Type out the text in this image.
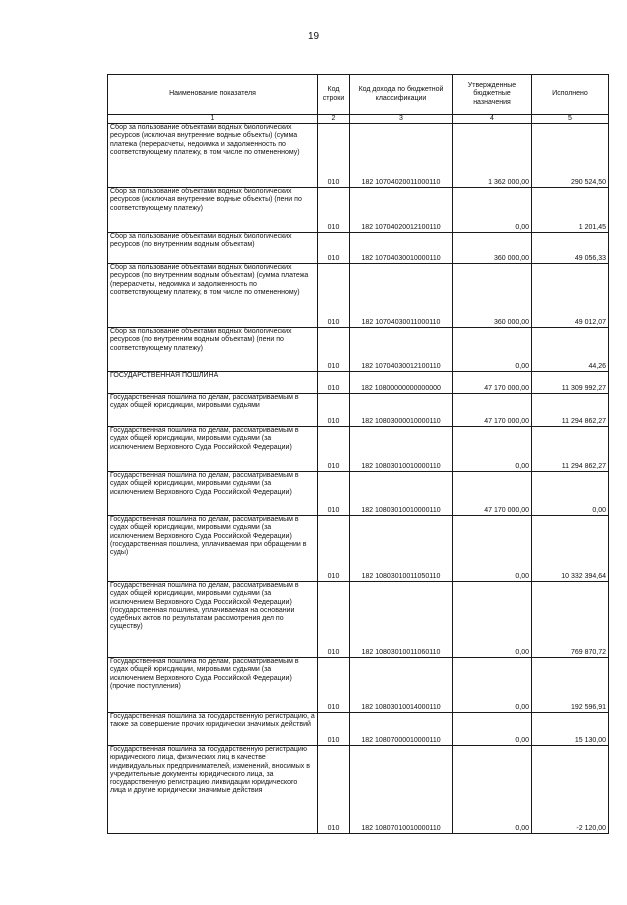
19
Наименование показателя	Код строки	Код дохода по бюджетной классификации	Утвержденные бюджетные назначения	Исполнено
1	2	3	4	5
Сбор за пользование объектами водных биологических ресурсов (исключая внутренние водные объекты) (сумма платежа (перерасчеты, недоимка и задолженность по соответствующему платежу, в том числе по отмененному)	010	182 10704020011000110	1 362 000,00	290 524,50
Сбор за пользование объектами водных биологических ресурсов (исключая внутренние водные объекты) (пени по соответствующему платежу)	010	182 10704020012100110	0,00	1 201,45
Сбор за пользование объектами водных биологических ресурсов (по внутренним водным объектам)	010	182 10704030010000110	360 000,00	49 056,33
Сбор за пользование объектами водных биологических ресурсов (по внутренним водным объектам) (сумма платежа (перерасчеты, недоимка и задолженность по соответствующему платежу, в том числе по отмененному)	010	182 10704030011000110	360 000,00	49 012,07
Сбор за пользование объектами водных биологических ресурсов (по внутренним водным объектам) (пени по соответствующему платежу)	010	182 10704030012100110	0,00	44,26
ГОСУДАРСТВЕННАЯ ПОШЛИНА	010	182 10800000000000000	47 170 000,00	11 309 992,27
Государственная пошлина по делам, рассматриваемым в судах общей юрисдикции, мировыми судьями	010	182 10803000010000110	47 170 000,00	11 294 862,27
Государственная пошлина по делам, рассматриваемым в судах общей юрисдикции, мировыми судьями (за исключением Верховного Суда Российской Федерации)	010	182 10803010010000110	0,00	11 294 862,27
Государственная пошлина по делам, рассматриваемым в судах общей юрисдикции, мировыми судьями (за исключением Верховного Суда Российской Федерации)	010	182 10803010010000110	47 170 000,00	0,00
Государственная пошлина по делам, рассматриваемым в судах общей юрисдикции, мировыми судьями (за исключением Верховного Суда Российской Федерации) (государственная пошлина, уплачиваемая при обращении в суды)	010	182 10803010011050110	0,00	10 332 394,64
Государственная пошлина по делам, рассматриваемым в судах общей юрисдикции, мировыми судьями (за исключением Верховного Суда Российской Федерации) (государственная пошлина, уплачиваемая на основании судебных актов по результатам рассмотрения дел по существу)	010	182 10803010011060110	0,00	769 870,72
Государственная пошлина по делам, рассматриваемым в судах общей юрисдикции, мировыми судьями (за исключением Верховного Суда Российской Федерации) (прочие поступления)	010	182 10803010014000110	0,00	192 596,91
Государственная пошлина за государственную регистрацию, а также за совершение прочих юридически значимых действий	010	182 10807000010000110	0,00	15 130,00
Государственная пошлина за государственную регистрацию юридического лица, физических лиц в качестве индивидуальных предпринимателей, изменений, вносимых в учредительные документы юридического лица, за государственную регистрацию ликвидации юридического лица и другие юридически значимые действия	010	182 10807010010000110	0,00	-2 120,00
